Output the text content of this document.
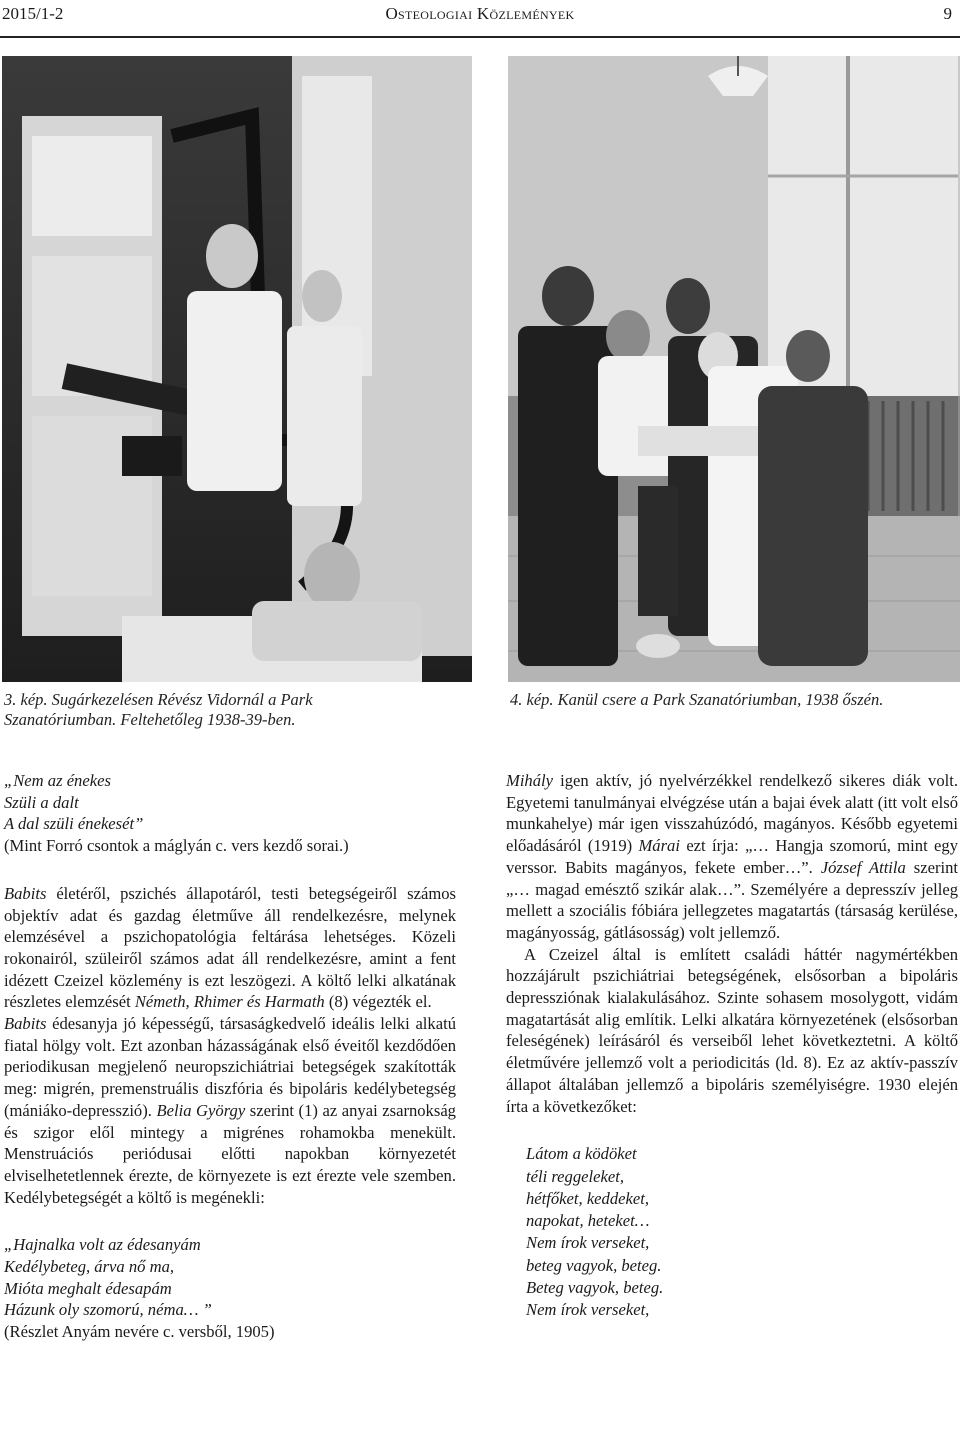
2015/1-2	Osteologiai Közlemények	9
3. kép. Sugárkezelésen Révész Vidornál a Park
Szanatóriumban. Feltehetőleg 1938-39-ben.
4. kép. Kanül csere a Park Szanatóriumban, 1938 őszén.
„Nem az énekes
Szüli a dalt
A dal szüli énekesét”
(Mint Forró csontok a máglyán c. vers kezdő sorai.)

Babits életéről, pszichés állapotáról, testi betegségeiről számos objektív adat és gazdag életműve áll rendelkezésre, melynek elemzésével a pszichopatológia feltárása lehetséges. Közeli rokonairól, szüleiről számos adat áll rendelkezésre, amint a fent idézett Czeizel közlemény is ezt leszögezi. A költő lelki alkatának részletes elemzését Németh, Rhimer és Harmath (8) végezték el.

Babits édesanyja jó képességű, társaságkedvelő ideális lelki alkatú fiatal hölgy volt. Ezt azonban házasságának első éveitől kezdődően periodikusan megjelenő neuropszichiátriai betegségek szakították meg: migrén, premenstruális diszfória és bipoláris kedélybetegség (mániáko-depresszió). Belia György szerint (1) az anyai zsarnokság és szigor elől mintegy a migrénes rohamokba menekült. Menstruációs periódusai előtti napokban környezetét elviselhetetlennek érezte, de környezete is ezt érezte vele szemben. Kedélybetegségét a költő is megénekli:

„Hajnalka volt az édesanyám
Kedélybeteg, árva nő ma,
Mióta meghalt édesapám
Házunk oly szomorú, néma… ”
(Részlet Anyám nevére c. versből, 1905)

Mihály igen aktív, jó nyelvérzékkel rendelkező sikeres diák volt. Egyetemi tanulmányai elvégzése után a bajai évek alatt (itt volt első munkahelye) már igen visszahúzódó, magányos. Később egyetemi előadásáról (1919) Márai ezt írja: „… Hangja szomorú, mint egy verssor. Babits magányos, fekete ember…”. József Attila szerint „… magad emésztő szikár alak…”. Személyére a depresszív jelleg mellett a szociális fóbiára jellegzetes magatartás (társaság kerülése, magányosság, gátlásosság) volt jellemző.

A Czeizel által is említett családi háttér nagymértékben hozzájárult pszichiátriai betegségének, elsősorban a bipoláris depressziónak kialakulásához. Szinte sohasem mosolygott, vidám magatartását alig említik. Lelki alkatára környezetének (elsősorban feleségének) leírásáról és verseiből lehet következtetni. A költő életművére jellemző volt a periodicitás (ld. 8). Ez az aktív-passzív állapot általában jellemző a bipoláris személyiségre. 1930 elején írta a következőket:

Látom a ködöket
téli reggeleket,
hétfőket, keddeket,
napokat, heteket…
Nem írok verseket,
beteg vagyok, beteg.
Beteg vagyok, beteg.
Nem írok verseket,
